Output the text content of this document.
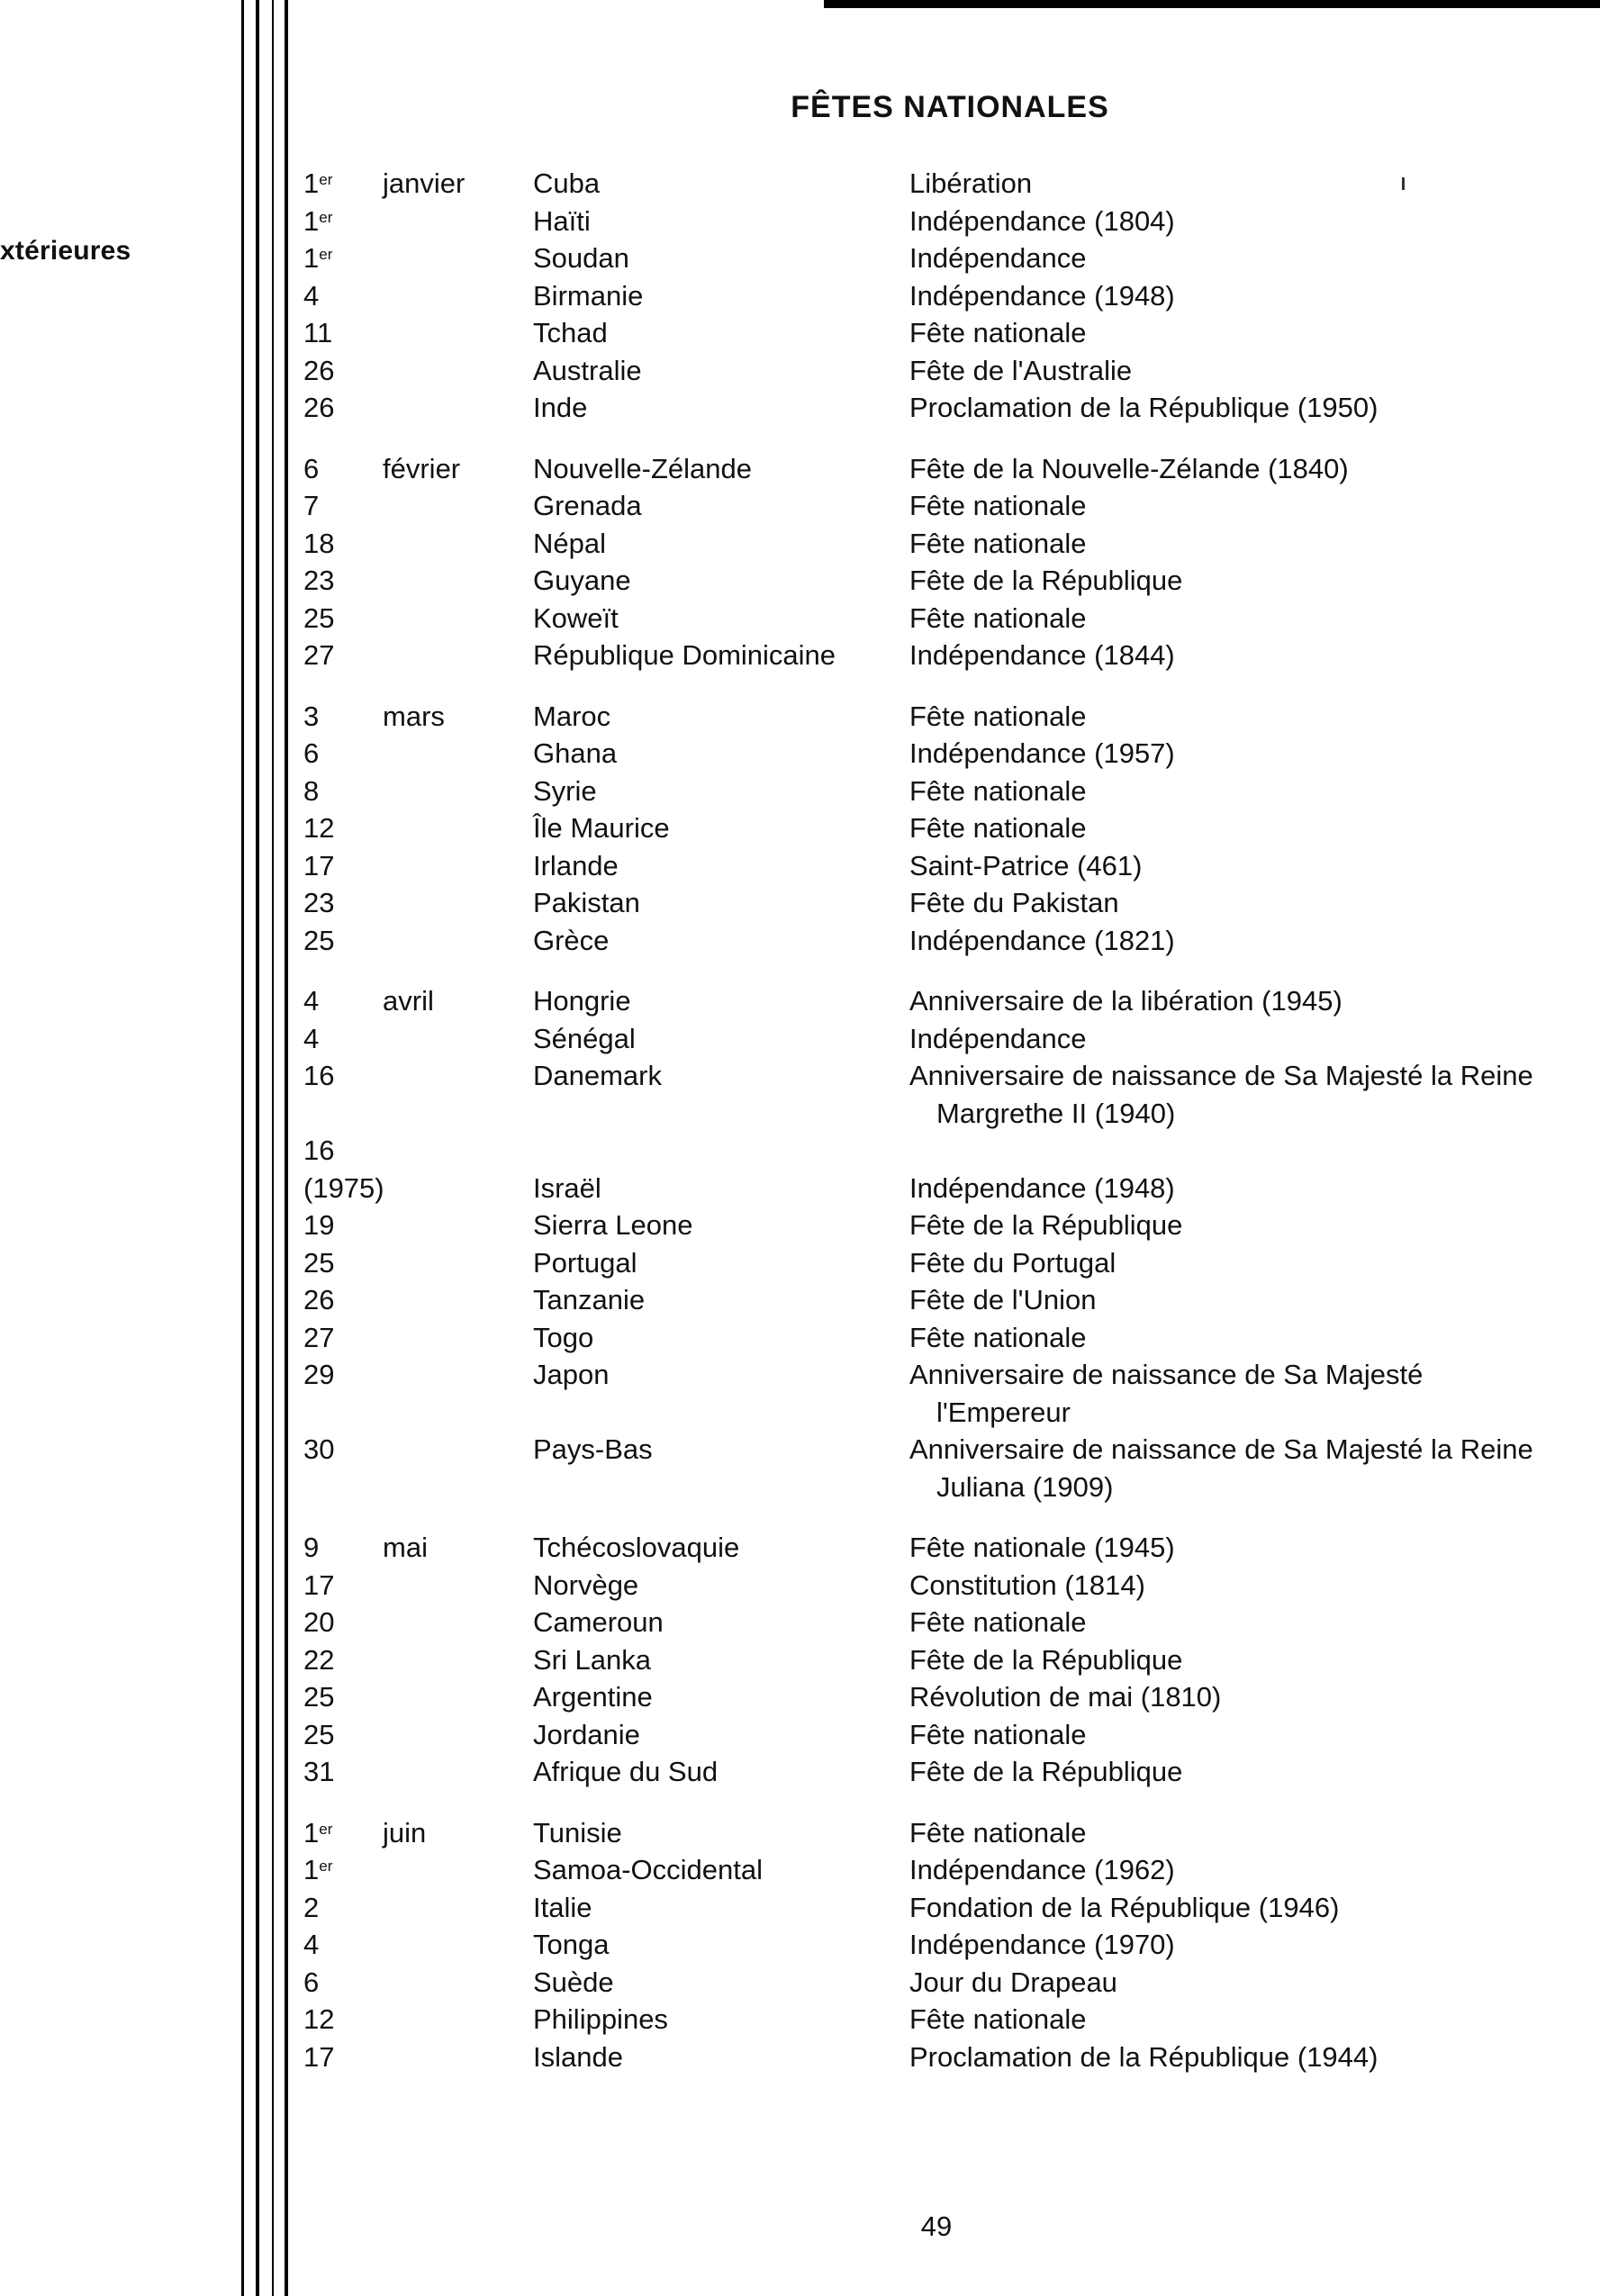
xtérieures
FÊTES NATIONALES
1er janvier Cuba	Libération
1er	Haïti	Indépendance (1804)
1er	Soudan	Indépendance
4	Birmanie	Indépendance (1948)
11	Tchad	Fête nationale
26	Australie	Fête de l'Australie
26	Inde	Proclamation de la République (1950)
6 février	Nouvelle-Zélande	Fête de la Nouvelle-Zélande (1840)
7	Grenada	Fête nationale
18	Népal	Fête nationale
23	Guyane	Fête de la République
25	Koweït	Fête nationale
27	République Dominicaine	Indépendance (1844)
3 mars	Maroc	Fête nationale
6	Ghana	Indépendance (1957)
8	Syrie	Fête nationale
12	Île Maurice	Fête nationale
17	Irlande	Saint-Patrice (461)
23	Pakistan	Fête du Pakistan
25	Grèce	Indépendance (1821)
4 avril	Hongrie	Anniversaire de la libération (1945)
4	Sénégal	Indépendance
16	Danemark	Anniversaire de naissance de Sa Majesté la Reine
Margrethe II (1940)
16
(1975)	Israël	Indépendance (1948)
19	Sierra Leone	Fête de la République
25	Portugal	Fête du Portugal
26	Tanzanie	Fête de l'Union
27	Togo	Fête nationale
29	Japon	Anniversaire de naissance de Sa Majesté
l'Empereur
30	Pays-Bas	Anniversaire de naissance de Sa Majesté la Reine
Juliana (1909)
9 mai	Tchécoslovaquie	Fête nationale (1945)
17	Norvège	Constitution (1814)
20	Cameroun	Fête nationale
22	Sri Lanka	Fête de la République
25	Argentine	Révolution de mai (1810)
25	Jordanie	Fête nationale
31	Afrique du Sud	Fête de la République
1er juin	Tunisie	Fête nationale
1er	Samoa-Occidental	Indépendance (1962)
2	Italie	Fondation de la République (1946)
4	Tonga	Indépendance (1970)
6	Suède	Jour du Drapeau
12	Philippines	Fête nationale
17	Islande	Proclamation de la République (1944)
49
